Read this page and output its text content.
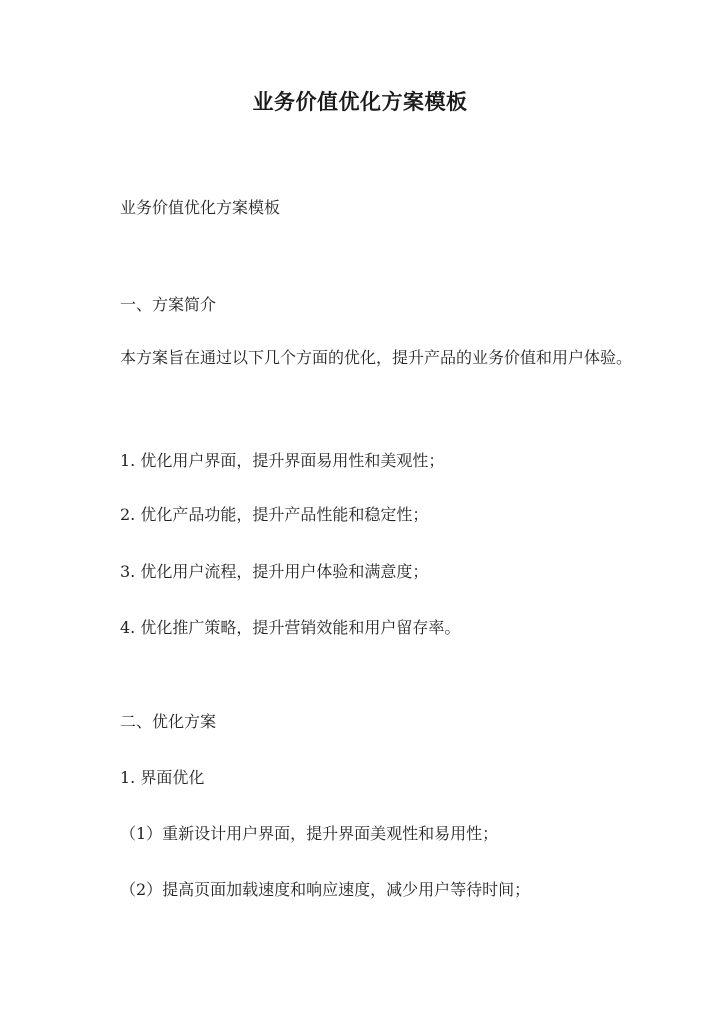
业务价值优化方案模板
业务价值优化方案模板
一、方案简介

本方案旨在通过以下几个方面的优化，提升产品的业务价值和用户体验。

1. 优化用户界面，提升界面易用性和美观性；
2. 优化产品功能，提升产品性能和稳定性；
3. 优化用户流程，提升用户体验和满意度；
4. 优化推广策略，提升营销效能和用户留存率。
二、优化方案
1. 界面优化
（1）重新设计用户界面，提升界面美观性和易用性；
（2）提高页面加载速度和响应速度，减少用户等待时间；
